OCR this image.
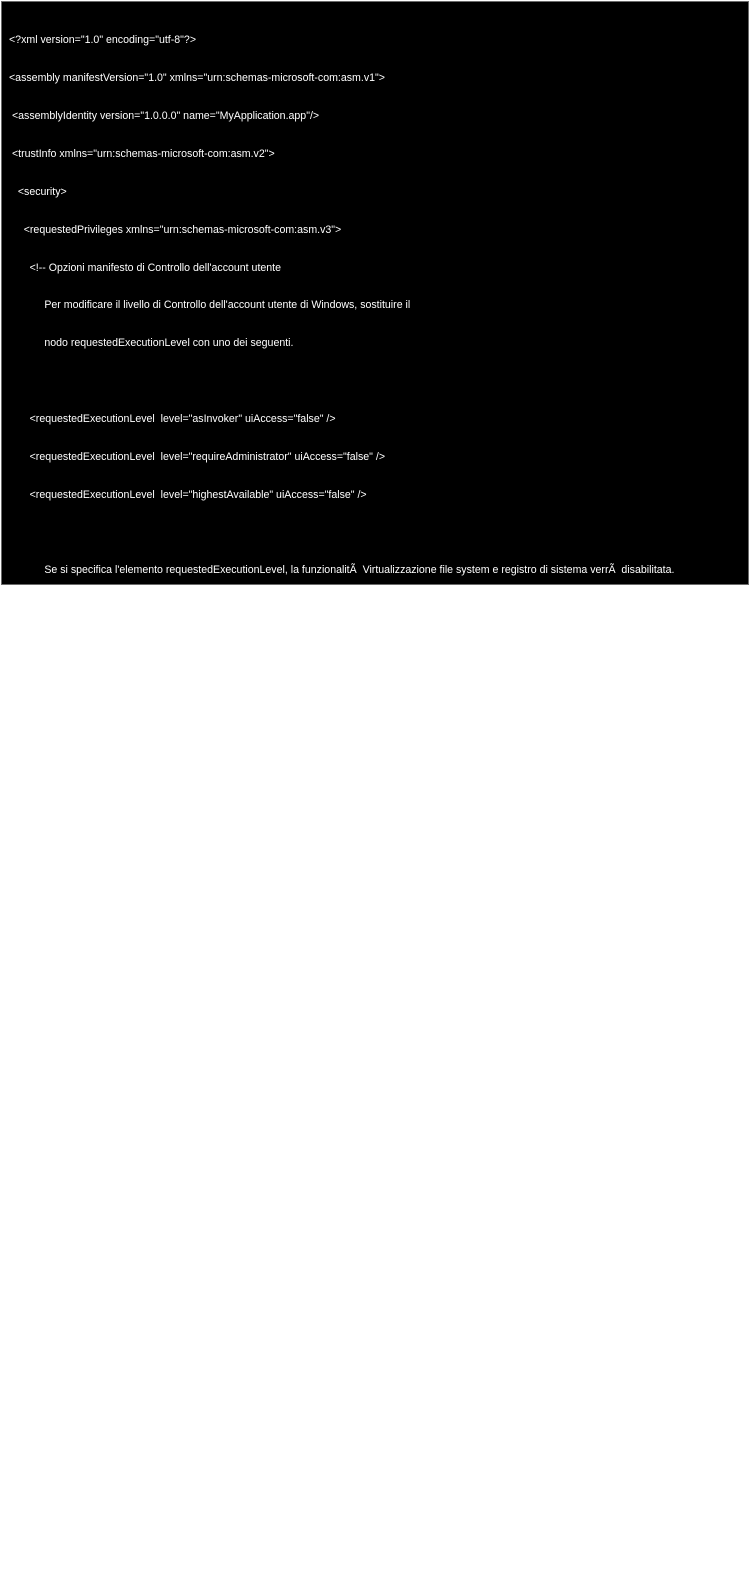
<?xml version="1.0" encoding="utf-8"?>

<assembly manifestVersion="1.0" xmlns="urn:schemas-microsoft-com:asm.v1">

<assemblyIdentity version="1.0.0.0" name="MyApplication.app"/>

<trustInfo xmlns="urn:schemas-microsoft-com:asm.v2">

<security>

<requestedPrivileges xmlns="urn:schemas-microsoft-com:asm.v3">

<!-- Opzioni manifesto di Controllo dell'account utente

Per modificare il livello di Controllo dell'account utente di Windows, sostituire il

nodo requestedExecutionLevel con uno dei seguenti.

<requestedExecutionLevel  level="asInvoker" uiAccess="false" />

<requestedExecutionLevel  level="requireAdministrator" uiAccess="false" />

<requestedExecutionLevel  level="highestAvailable" uiAccess="false" />

Se si specifica l'elemento requestedExecutionLevel, la funzionalitÃ  Virtualizzazione file system e registro di sistema verrÃ  disabilitata.

Rimuovere questo elemento se l'applicazione richiede questa virtualizzazione per

compatibilitÃ  con le versioni precedenti.

-->

</requestedPrivileges>

</security>

</trustInfo>

<compatibility xmlns="urn:schemas-microsoft-com:compatibility.v1">

<application>

<!-- Elenco delle versioni di Windows in cui Ã¨ stata testata questa applicazione e

per cui Ã¨ stato previsto l'uso. Rimuovere il commento dagli elementi appropriati per

fare in modo che Windows selezioni automaticamente l'ambiente piÃ¹ compatibile. -->

…cut…

</application>

</compatibility>

<!-- Indica che l'applicazione Ã¨ sensibile ai valori DPI e non verrÃ  scalata automaticamente da Windows in caso di

valori DPI maggiori. Le applicazioni Windows Presentation Foundation (WPF) sono automaticamente sensibili ai valori DPI, pertanto non Ã¨

necessario

acconsentire esplicitamente. Con le applicazioni Windows Forms destinate a .NET Framework 4.6 per cui Ã¨ stato acconsentito

esplicitamente a questa impostazione,

Ã¨ anche necessario impostare 'EnableWindowsFormsHighDpiAutoResizing' su 'true' nel relativo file app.config.

Imposta l'applicazione in modo riconosca i percorsi lunghi. Vedere

https://docs.microsoft.com/windows/win32/fileio/maximum-file-path-limitation -->
